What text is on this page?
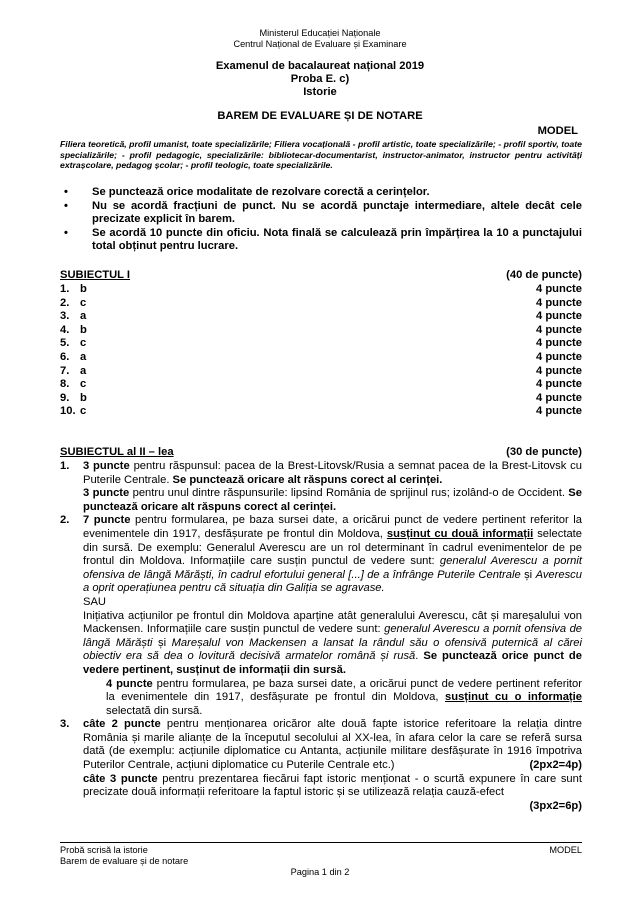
Ministerul Educației Naționale
Centrul Național de Evaluare și Examinare
Examenul de bacalaureat național 2019
Proba E. c)
Istorie
BAREM DE EVALUARE ȘI DE NOTARE
MODEL
Filiera teoretică, profil umanist, toate specializările; Filiera vocațională - profil artistic, toate specializările; - profil sportiv, toate specializările; - profil pedagogic, specializările: bibliotecar-documentarist, instructor-animator, instructor pentru activități extrașcolare, pedagog școlar; - profil teologic, toate specializările.
• Se punctează orice modalitate de rezolvare corectă a cerințelor.
• Nu se acordă fracțiuni de punct. Nu se acordă punctaje intermediare, altele decât cele precizate explicit în barem.
• Se acordă 10 puncte din oficiu. Nota finală se calculează prin împărțirea la 10 a punctajului total obținut pentru lucrare.
SUBIECTUL I	(40 de puncte)
1. b	4 puncte
2. c	4 puncte
3. a	4 puncte
4. b	4 puncte
5. c	4 puncte
6. a	4 puncte
7. a	4 puncte
8. c	4 puncte
9. b	4 puncte
10. c	4 puncte
SUBIECTUL al II – lea	(30 de puncte)
1. 3 puncte pentru răspunsul: pacea de la Brest-Litovsk/Rusia a semnat pacea de la Brest-Litovsk cu Puterile Centrale. Se punctează oricare alt răspuns corect al cerinței.
3 puncte pentru unul dintre răspunsurile: lipsind România de sprijinul rus; izolând-o de Occident. Se punctează oricare alt răspuns corect al cerinței.
2. 7 puncte pentru formularea, pe baza sursei date, a oricărui punct de vedere pertinent referitor la evenimentele din 1917, desfășurate pe frontul din Moldova, susținut cu două informații selectate din sursă. De exemplu: Generalul Averescu are un rol determinant în cadrul evenimentelor de pe frontul din Moldova. Informațiile care susțin punctul de vedere sunt: generalul Averescu a pornit ofensiva de lângă Mărăști, în cadrul efortului general [...] de a înfrânge Puterile Centrale și Averescu a oprit operațiunea pentru că situația din Galiția se agravase.
SAU
Inițiativa acțiunilor pe frontul din Moldova aparține atât generalului Averescu, cât și mareșalului von Mackensen. Informațiile care susțin punctul de vedere sunt: generalul Averescu a pornit ofensiva de lângă Mărăști și Mareșalul von Mackensen a lansat la rândul său o ofensivă puternică al cărei obiectiv era să dea o lovitură decisivă armatelor română și rusă. Se punctează orice punct de vedere pertinent, susținut de informații din sursă.
4 puncte pentru formularea, pe baza sursei date, a oricărui punct de vedere pertinent referitor la evenimentele din 1917, desfășurate pe frontul din Moldova, susținut cu o informație selectată din sursă.
3. câte 2 puncte pentru menționarea oricăror alte două fapte istorice referitoare la relația dintre România și marile alianțe de la începutul secolului al XX-lea, în afara celor la care se referă sursa dată (de exemplu: acțiunile diplomatice cu Antanta, acțiunile militare desfășurate în 1916 împotriva Puterilor Centrale, acțiuni diplomatice cu Puterile Centrale etc.)	(2px2=4p)
câte 3 puncte pentru prezentarea fiecărui fapt istoric menționat - o scurtă expunere în care sunt precizate două informații referitoare la faptul istoric și se utilizează relația cauză-efect
(3px2=6p)
Probă scrisă la istorie
Barem de evaluare și de notare
MODEL
Pagina 1 din 2
